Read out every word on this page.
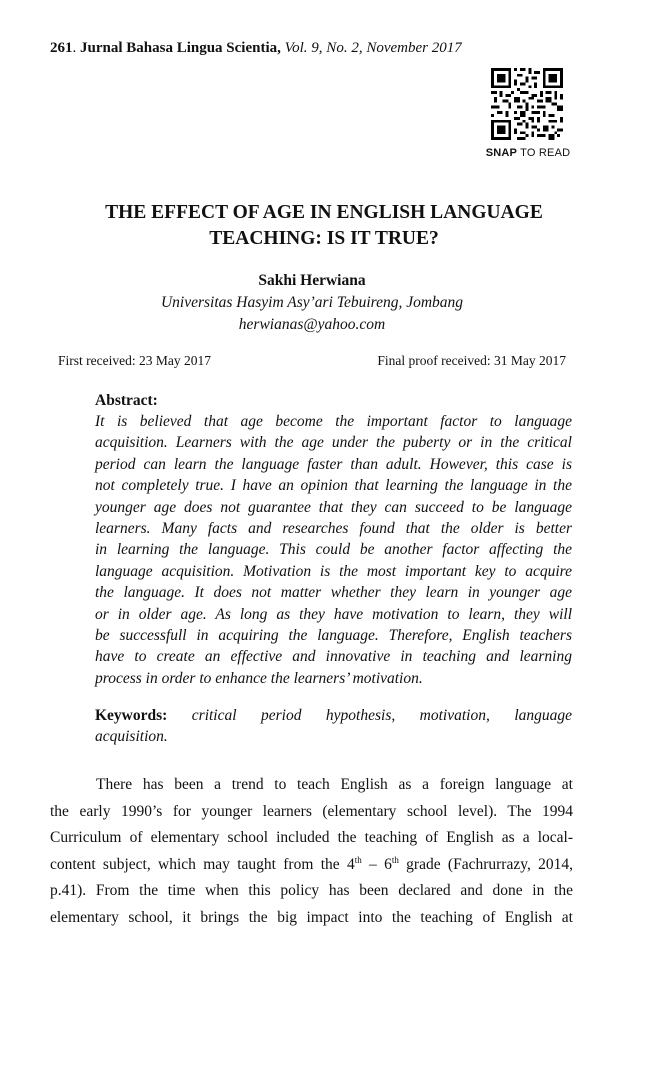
261. Jurnal Bahasa Lingua Scientia, Vol. 9, No. 2, November 2017
SNAP TO READ
THE EFFECT OF AGE IN ENGLISH LANGUAGE
TEACHING: IS IT TRUE?
Sakhi Herwiana
Universitas Hasyim Asy’ari Tebuireng, Jombang
herwianas@yahoo.com
First received: 23 May 2017	Final proof received: 31 May 2017
Abstract:
It is believed that age become the important factor to language
acquisition. Learners with the age under the puberty or in the critical
period can learn the language faster than adult. However, this case is
not completely true. I have an opinion that learning the language in the
younger age does not guarantee that they can succeed to be language
learners. Many facts and researches found that the older is better
in learning the language. This could be another factor affecting the
language acquisition. Motivation is the most important key to acquire
the language. It does not matter whether they learn in younger age
or in older age. As long as they have motivation to learn, they will
be successfull in acquiring the language. Therefore, English teachers
have to create an effective and innovative in teaching and learning
process in order to enhance the learners’ motivation.
Keywords: critical period hypothesis, motivation, language
acquisition.
There has been a trend to teach English as a foreign language at
the early 1990’s for younger learners (elementary school level). The 1994
Curriculum of elementary school included the teaching of English as a local-
content subject, which may taught from the 4th – 6th grade (Fachrurrazy, 2014,
p.41). From the time when this policy has been declared and done in the
elementary school, it brings the big impact into the teaching of English at
